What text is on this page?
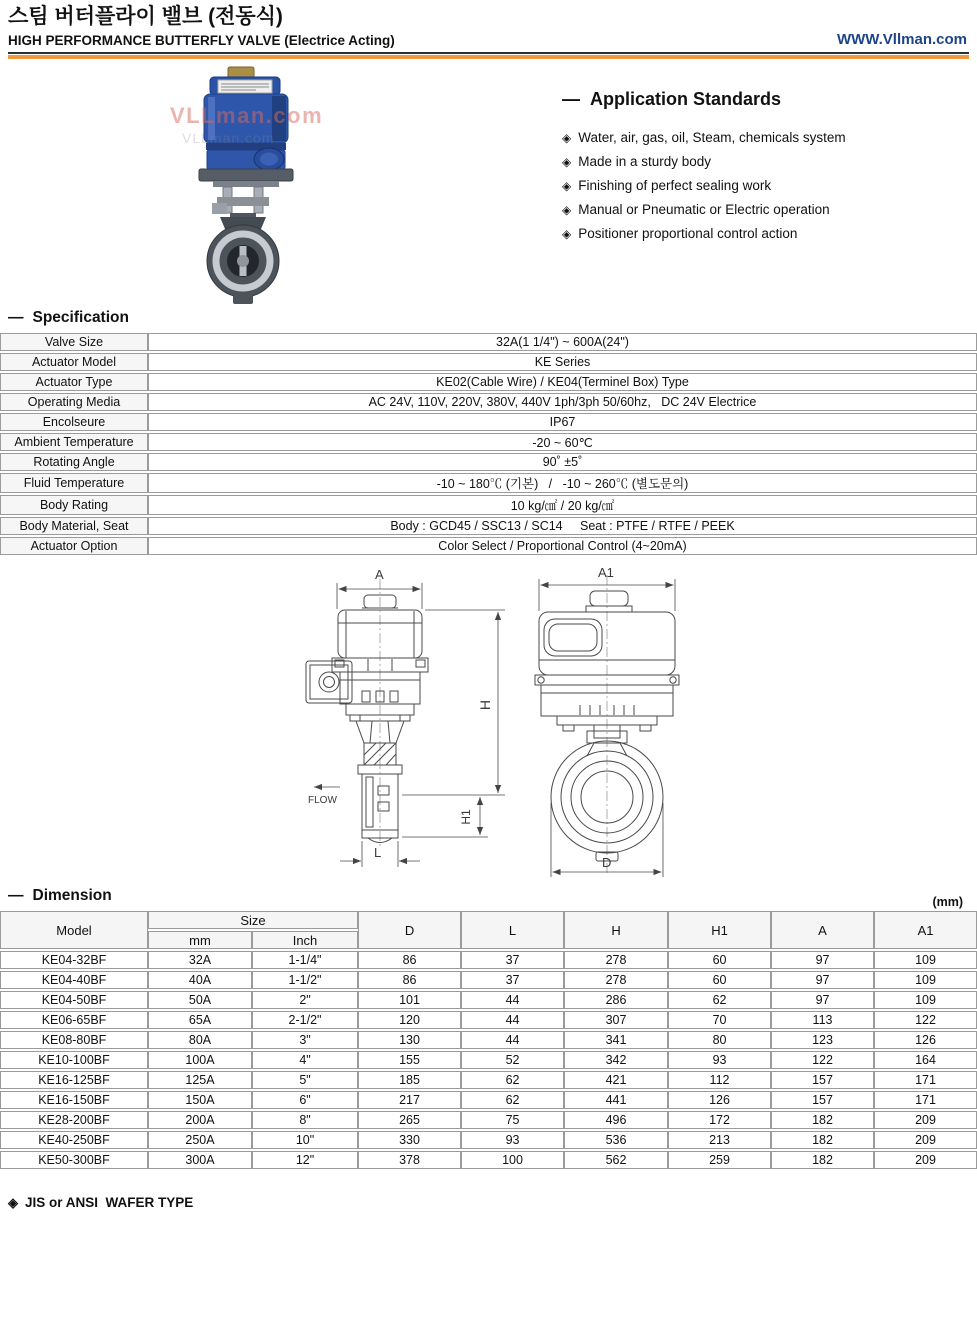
스팀 버터플라이 밸브 (전동식)
HIGH PERFORMANCE BUTTERFLY VALVE (Electrice Acting)	WWW.Vllman.com
VLLman.com
VLLman.com
— Application Standards
◈ Water, air, gas, oil, Steam, chemicals system
◈ Made in a sturdy body
◈ Finishing of perfect sealing work
◈ Manual or Pneumatic or Electric operation
◈ Positioner proportional control action
— Specification
Valve Size	32A(1 1/4") ~ 600A(24")
Actuator Model	KE Series
Actuator Type	KE02(Cable Wire) / KE04(Terminel Box) Type
Operating Media	AC 24V, 110V, 220V, 380V, 440V 1ph/3ph 50/60hz,   DC 24V Electrice
Encolseure	IP67
Ambient Temperature	-20 ~ 60℃
Rotating Angle	90˚ ±5˚
Fluid Temperature	-10 ~ 180℃ (기본)   /   -10 ~ 260℃ (별도문의)
Body Rating	10 kg/㎠ / 20 kg/㎠
Body Material, Seat	Body : GCD45 / SSC13 / SC14     Seat : PTFE / RTFE / PEEK
Actuator Option	Color Select / Proportional Control (4~20mA)
A
FLOW
H
H1
L
A1
D
— Dimension	(mm)
Model	Size		D	L	H	H1	A	A1
	mm	Inch						
KE04-32BF	32A	1-1/4"	86	37	278	60	97	109
KE04-40BF	40A	1-1/2"	86	37	278	60	97	109
KE04-50BF	50A	2"	101	44	286	62	97	109
KE06-65BF	65A	2-1/2"	120	44	307	70	113	122
KE08-80BF	80A	3"	130	44	341	80	123	126
KE10-100BF	100A	4"	155	52	342	93	122	164
KE16-125BF	125A	5"	185	62	421	112	157	171
KE16-150BF	150A	6"	217	62	441	126	157	171
KE28-200BF	200A	8"	265	75	496	172	182	209
KE40-250BF	250A	10"	330	93	536	213	182	209
KE50-300BF	300A	12"	378	100	562	259	182	209
◈ JIS or ANSI  WAFER TYPE
